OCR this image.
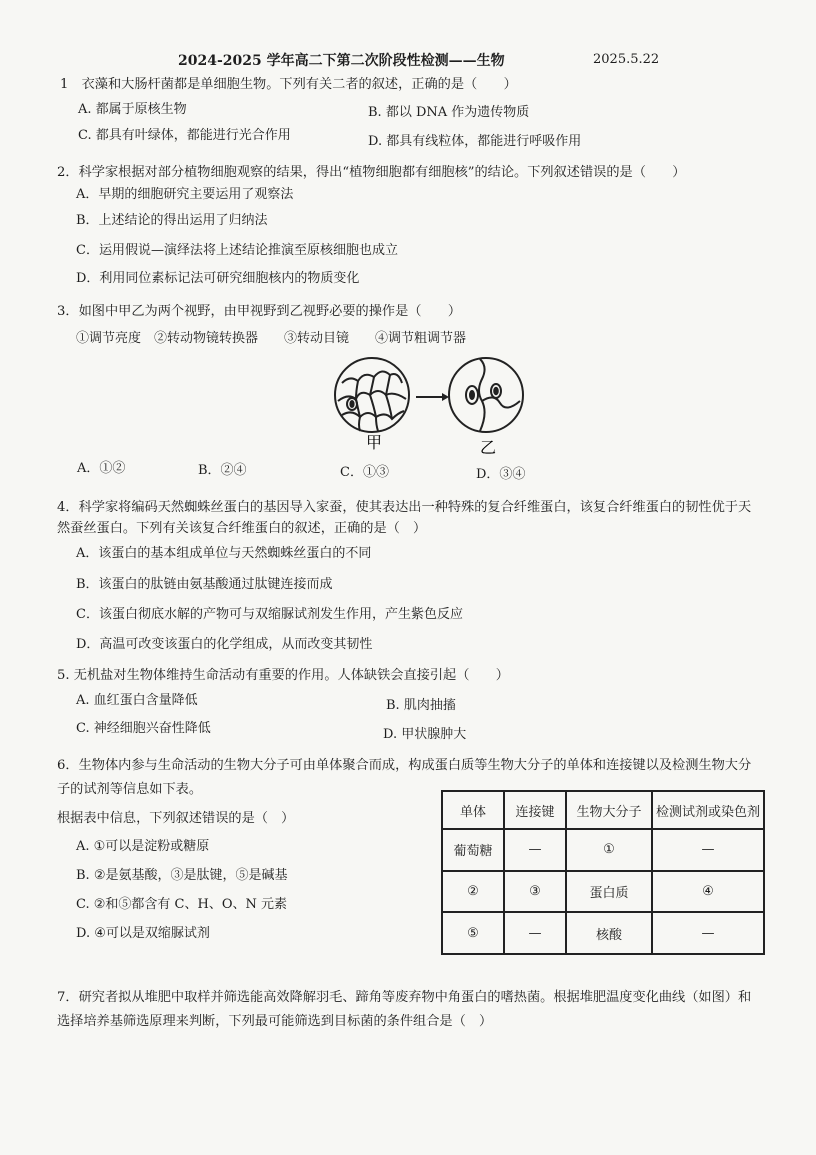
2024-2025 学年高二下第二次阶段性检测——生物	2025.5.22
1　衣藻和大肠杆菌都是单细胞生物。下列有关二者的叙述，正确的是（　　）
A. 都属于原核生物	B. 都以 DNA 作为遗传物质
C. 都具有叶绿体，都能进行光合作用	D. 都具有线粒体，都能进行呼吸作用
2．科学家根据对部分植物细胞观察的结果，得出“植物细胞都有细胞核”的结论。下列叙述错误的是（　　）
A．早期的细胞研究主要运用了观察法
B．上述结论的得出运用了归纳法
C．运用假说—演绎法将上述结论推演至原核细胞也成立
D．利用同位素标记法可研究细胞核内的物质变化
3．如图中甲乙为两个视野，由甲视野到乙视野必要的操作是（　　）
①调节亮度　②转动物镜转换器　　③转动目镜　　④调节粗调节器
甲	乙
A．①②	B．②④	C．①③	D．③④
4．科学家将编码天然蜘蛛丝蛋白的基因导入家蚕，使其表达出一种特殊的复合纤维蛋白，该复合纤维蛋白的韧性优于天
然蚕丝蛋白。下列有关该复合纤维蛋白的叙述，正确的是（　）
A．该蛋白的基本组成单位与天然蜘蛛丝蛋白的不同
B．该蛋白的肽链由氨基酸通过肽键连接而成
C．该蛋白彻底水解的产物可与双缩脲试剂发生作用，产生紫色反应
D．高温可改变该蛋白的化学组成，从而改变其韧性
5. 无机盐对生物体维持生命活动有重要的作用。人体缺铁会直接引起（　　）
A. 血红蛋白含量降低	B. 肌肉抽搐
C. 神经细胞兴奋性降低	D. 甲状腺肿大
6．生物体内参与生命活动的生物大分子可由单体聚合而成，构成蛋白质等生物大分子的单体和连接键以及检测生物大分
子的试剂等信息如下表。
根据表中信息，下列叙述错误的是（　）
A. ①可以是淀粉或糖原
B. ②是氨基酸，③是肽键，⑤是碱基
C. ②和⑤都含有 C、H、O、N 元素
D. ④可以是双缩脲试剂
单体	连接键	生物大分子	检测试剂或染色剂
葡萄糖	—	①	—
②	③	蛋白质	④
⑤	—	核酸	—
7．研究者拟从堆肥中取样并筛选能高效降解羽毛、蹄角等废弃物中角蛋白的嗜热菌。根据堆肥温度变化曲线（如图）和
选择培养基筛选原理来判断，下列最可能筛选到目标菌的条件组合是（　）
